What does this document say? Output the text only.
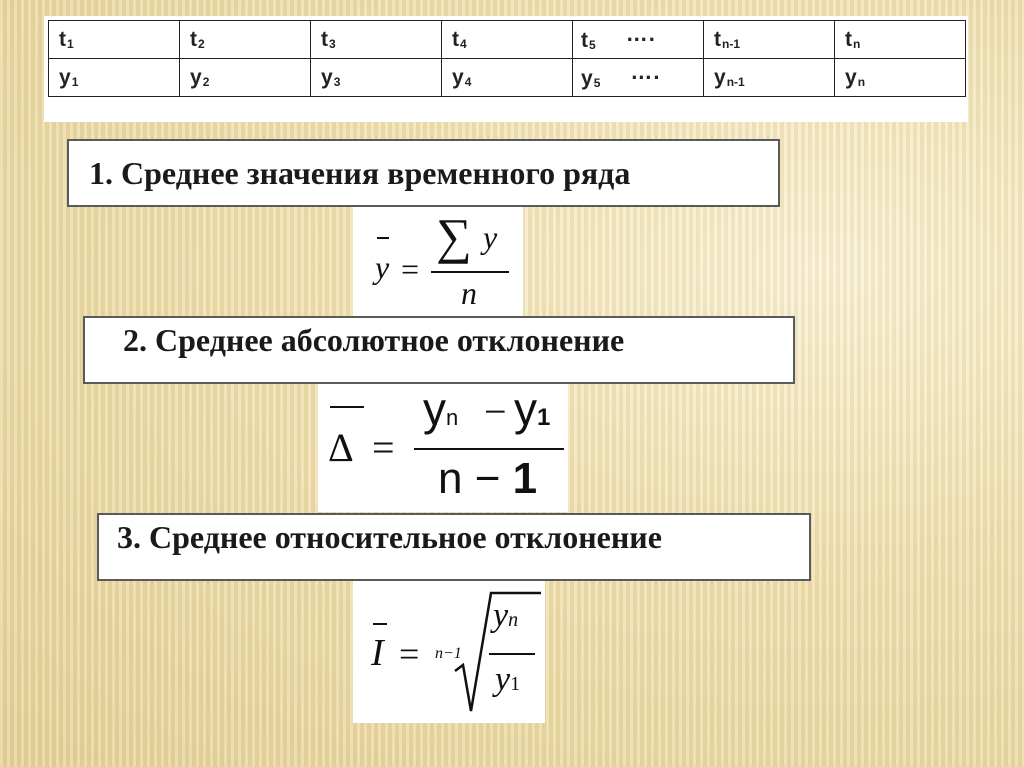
t1	t2	t3	t4	t5 ….	tn-1	tn
y1	y2	y3	y4	y5 ….	yn-1	yn
1. Среднее значения временного ряда
y =
∑ y
n
2. Среднее абсолютное отклонение
Δ =
yn − y1
n − 1
3. Среднее относительное отклонение
I = n−1
yn
y1
